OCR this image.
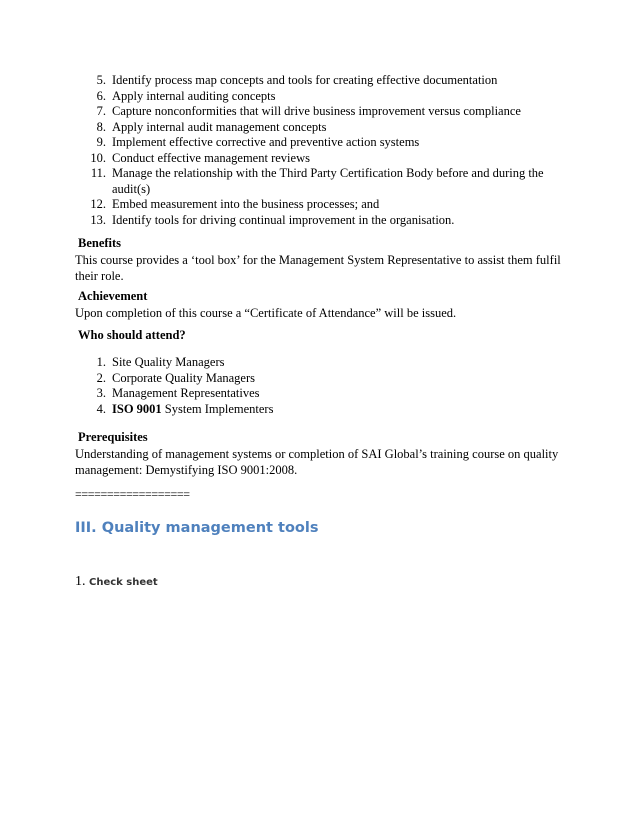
5. Identify process map concepts and tools for creating effective documentation
6. Apply internal auditing concepts
7. Capture nonconformities that will drive business improvement versus compliance
8. Apply internal audit management concepts
9. Implement effective corrective and preventive action systems
10. Conduct effective management reviews
11. Manage the relationship with the Third Party Certification Body before and during the audit(s)
12. Embed measurement into the business processes; and
13. Identify tools for driving continual improvement in the organisation.
Benefits
This course provides a ‘tool box’ for the Management System Representative to assist them fulfil their role.
Achievement
Upon completion of this course a “Certificate of Attendance” will be issued.
Who should attend?
1. Site Quality Managers
2. Corporate Quality Managers
3. Management Representatives
4. ISO 9001 System Implementers
Prerequisites
Understanding of management systems or completion of SAI Global’s training course on quality management: Demystifying ISO 9001:2008.
==================
III. Quality management tools
1. Check sheet
